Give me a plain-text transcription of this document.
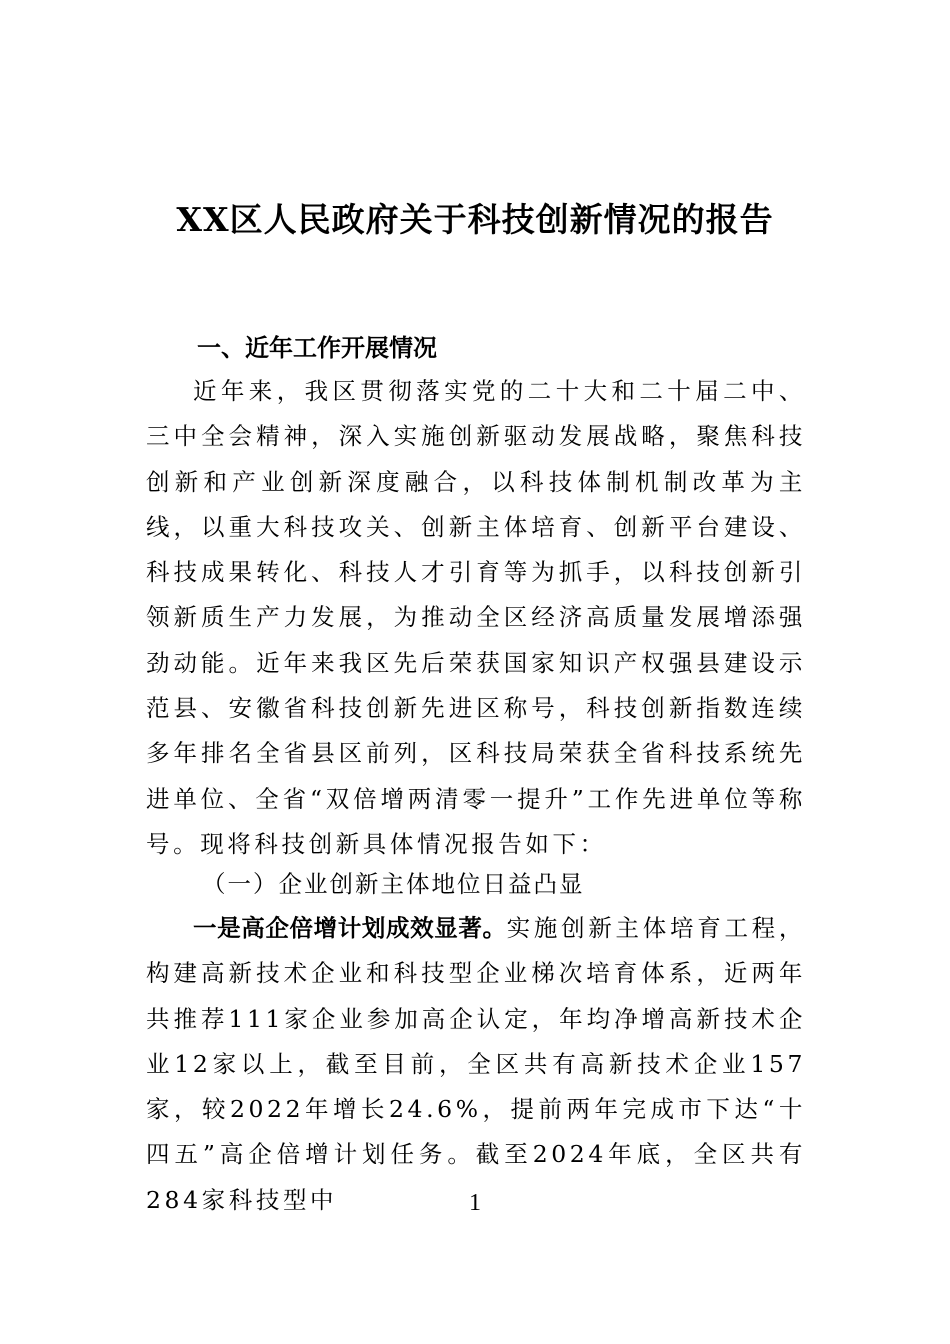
XX区人民政府关于科技创新情况的报告
一、近年工作开展情况
近年来，我区贯彻落实党的二十大和二十届二中、三中全会精神，深入实施创新驱动发展战略，聚焦科技创新和产业创新深度融合，以科技体制机制改革为主线，以重大科技攻关、创新主体培育、创新平台建设、科技成果转化、科技人才引育等为抓手，以科技创新引领新质生产力发展，为推动全区经济高质量发展增添强劲动能。近年来我区先后荣获国家知识产权强县建设示范县、安徽省科技创新先进区称号，科技创新指数连续多年排名全省县区前列，区科技局荣获全省科技系统先进单位、全省“双倍增两清零一提升”工作先进单位等称号。现将科技创新具体情况报告如下：
（一）企业创新主体地位日益凸显
一是高企倍增计划成效显著。实施创新主体培育工程，构建高新技术企业和科技型企业梯次培育体系，近两年共推荐111家企业参加高企认定，年均净增高新技术企业12家以上，截至目前，全区共有高新技术企业157家，较2022年增长24.6%，提前两年完成市下达“十四五”高企倍增计划任务。截至2024年底，全区共有284家科技型中	1
